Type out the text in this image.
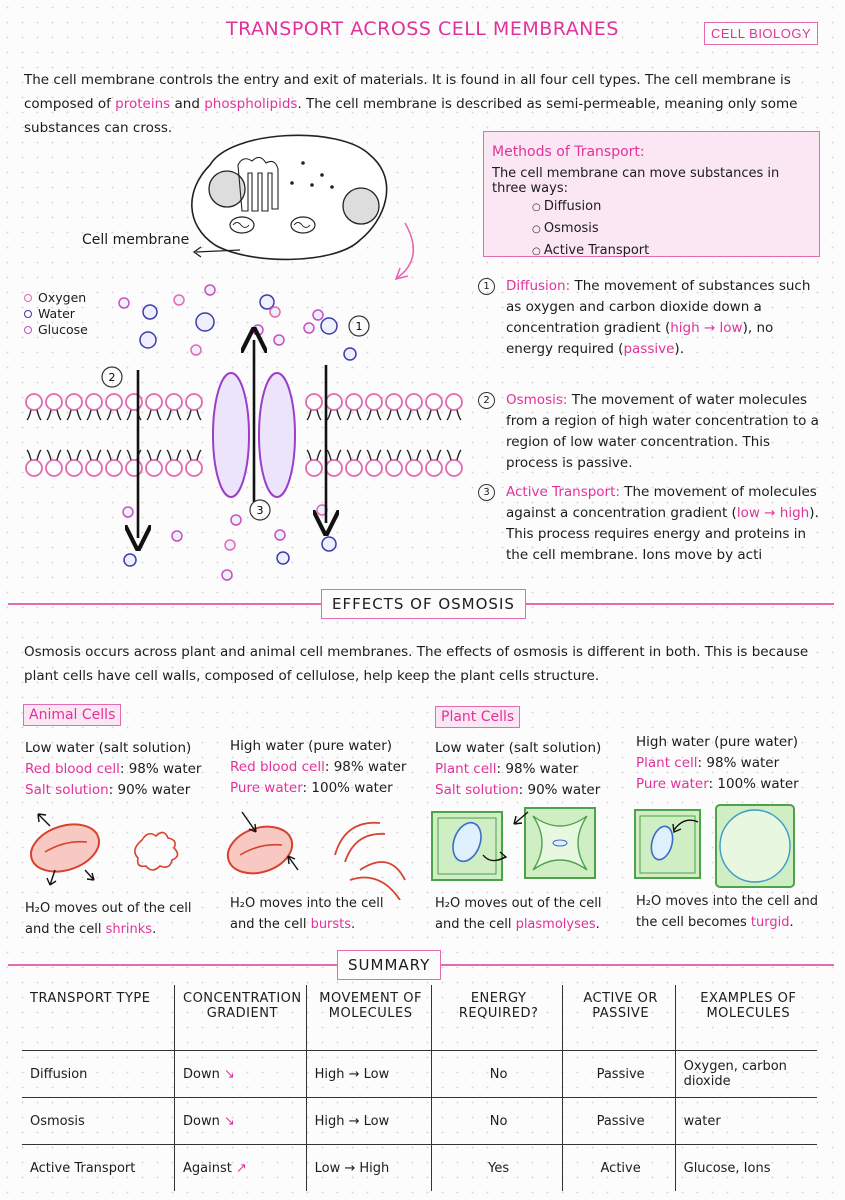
TRANSPORT ACROSS CELL MEMBRANES	CELL BIOLOGY
The cell membrane controls the entry and exit of materials. It is found in all four cell types. The cell membrane is composed of proteins and phospholipids. The cell membrane is described as semi-permeable, meaning only some substances can cross.
Cell membrane
Oxygen
Water
Glucose
2
1
3
Methods of Transport:
The cell membrane can move substances in three ways:
○ Diffusion
○ Osmosis
○ Active Transport
1	Diffusion: The movement of substances such as oxygen and carbon dioxide down a concentration gradient (high → low), no energy required (passive).
2	Osmosis: The movement of water molecules from a region of high water concentration to a region of low water concentration. This process is passive.
3	Active Transport: The movement of molecules against a concentration gradient (low → high). This process requires energy and proteins in the cell membrane. Ions move by acti
EFFECTS OF OSMOSIS
Osmosis occurs across plant and animal cell membranes. The effects of osmosis is different in both. This is because plant cells have cell walls, composed of cellulose, help keep the plant cells structure.
Animal Cells	Plant Cells
Low water (salt solution)
Red blood cell: 98% water
Salt solution: 90% water
High water (pure water)
Red blood cell: 98% water
Pure water: 100% water
Low water (salt solution)
Plant cell: 98% water
Salt solution: 90% water
High water (pure water)
Plant cell: 98% water
Pure water: 100% water
H₂O moves out of the cell and the cell shrinks.
H₂O moves into the cell and the cell bursts.
H₂O moves out of the cell and the cell plasmolyses.
H₂O moves into the cell and the cell becomes turgid.
SUMMARY
TRANSPORT TYPE	CONCENTRATION GRADIENT	MOVEMENT OF MOLECULES	ENERGY REQUIRED?	ACTIVE OR PASSIVE	EXAMPLES OF MOLECULES
Diffusion	Down ↘	High → Low	No	Passive	Oxygen, carbon dioxide
Osmosis	Down ↘	High → Low	No	Passive	water
Active Transport	Against ↗	Low → High	Yes	Active	Glucose, Ions
